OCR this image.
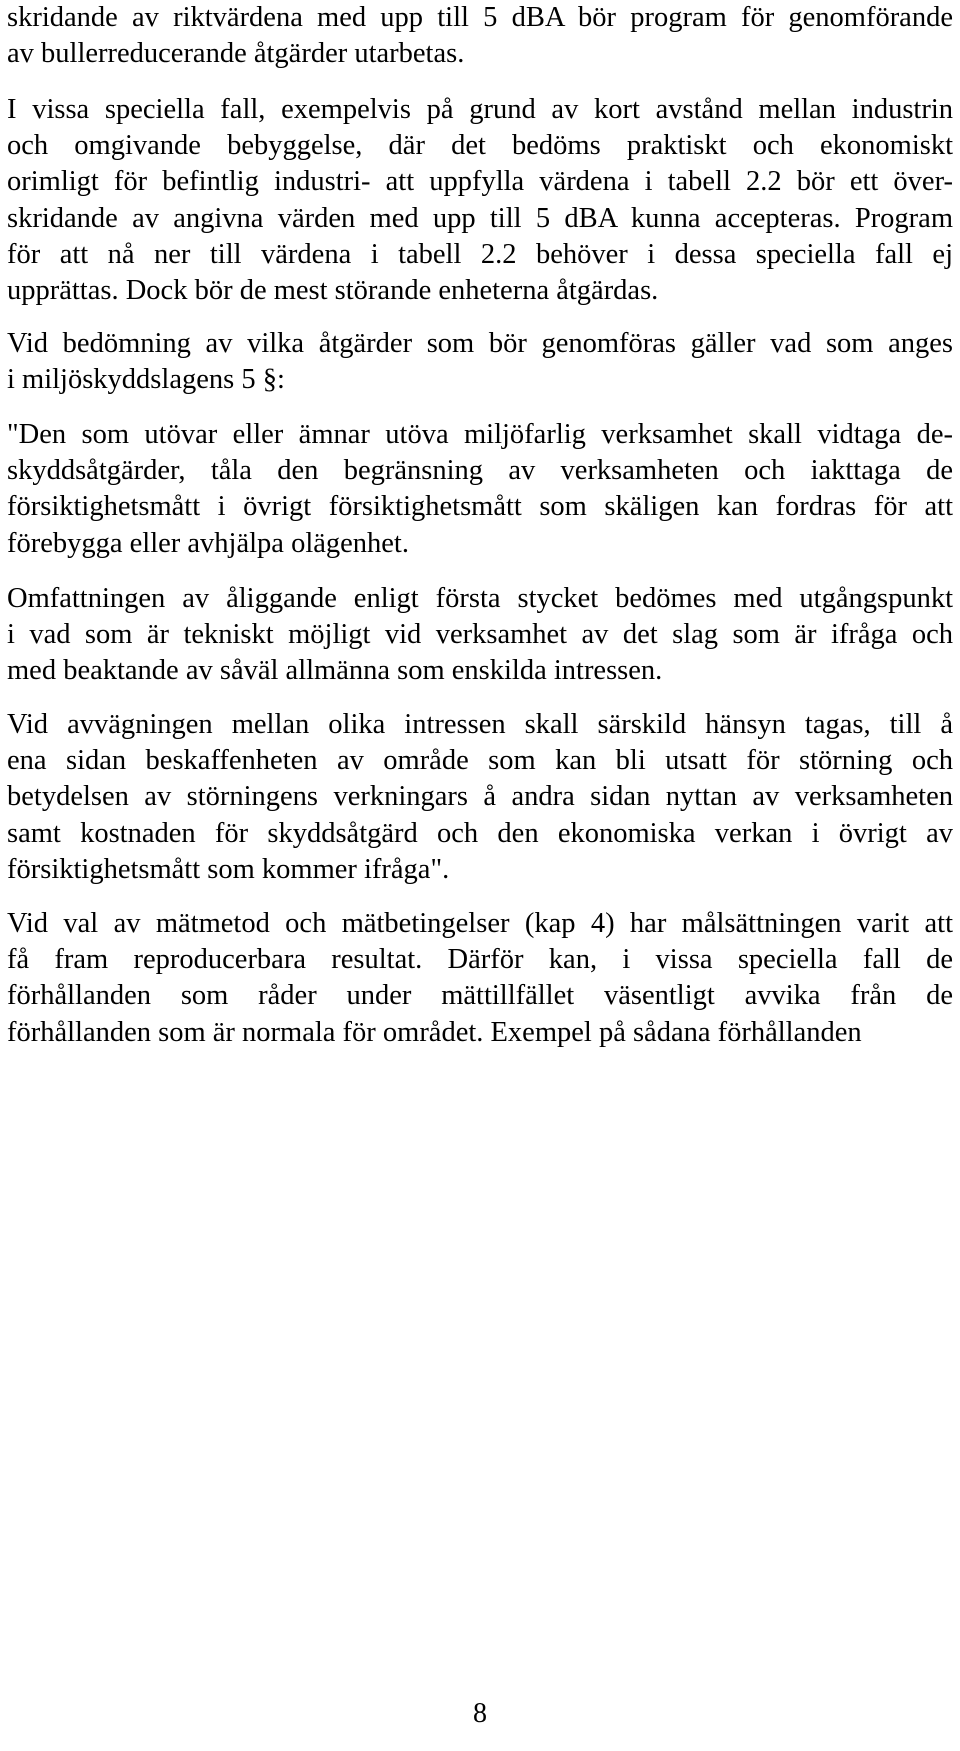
skridande av riktvärdena med upp till 5 dBA bör program för genomförande
av bullerreducerande åtgärder utarbetas.

I vissa speciella fall, exempelvis på grund av kort avstånd mellan industrin
och omgivande bebyggelse, där det bedöms praktiskt och ekonomiskt
orimligt för befintlig industri- att uppfylla värdena i tabell 2.2 bör ett över-
skridande av angivna värden med upp till 5 dBA kunna accepteras. Program
för att nå ner till värdena i tabell 2.2 behöver i dessa speciella fall ej
upprättas. Dock bör de mest störande enheterna åtgärdas.

Vid bedömning av vilka åtgärder som bör genomföras gäller vad som anges
i miljöskyddslagens 5 §:

"Den som utövar eller ämnar utöva miljöfarlig verksamhet skall vidtaga de-
skyddsåtgärder, tåla den begränsning av verksamheten och iakttaga de
försiktighetsmått i övrigt försiktighetsmått som skäligen kan fordras för att
förebygga eller avhjälpa olägenhet.

Omfattningen av åliggande enligt första stycket bedömes med utgångspunkt
i vad som är tekniskt möjligt vid verksamhet av det slag som är ifråga och
med beaktande av såväl allmänna som enskilda intressen.

Vid avvägningen mellan olika intressen skall särskild hänsyn tagas, till å
ena sidan beskaffenheten av område som kan bli utsatt för störning och
betydelsen av störningens verkningars å andra sidan nyttan av verksamheten
samt kostnaden för skyddsåtgärd och den ekonomiska verkan i övrigt av
försiktighetsmått som kommer ifråga".

Vid val av mätmetod och mätbetingelser (kap 4) har målsättningen varit att
få fram reproducerbara resultat. Därför kan, i vissa speciella fall de
förhållanden som råder under mättillfället väsentligt avvika från de
förhållanden som är normala för området. Exempel på sådana förhållanden

8
